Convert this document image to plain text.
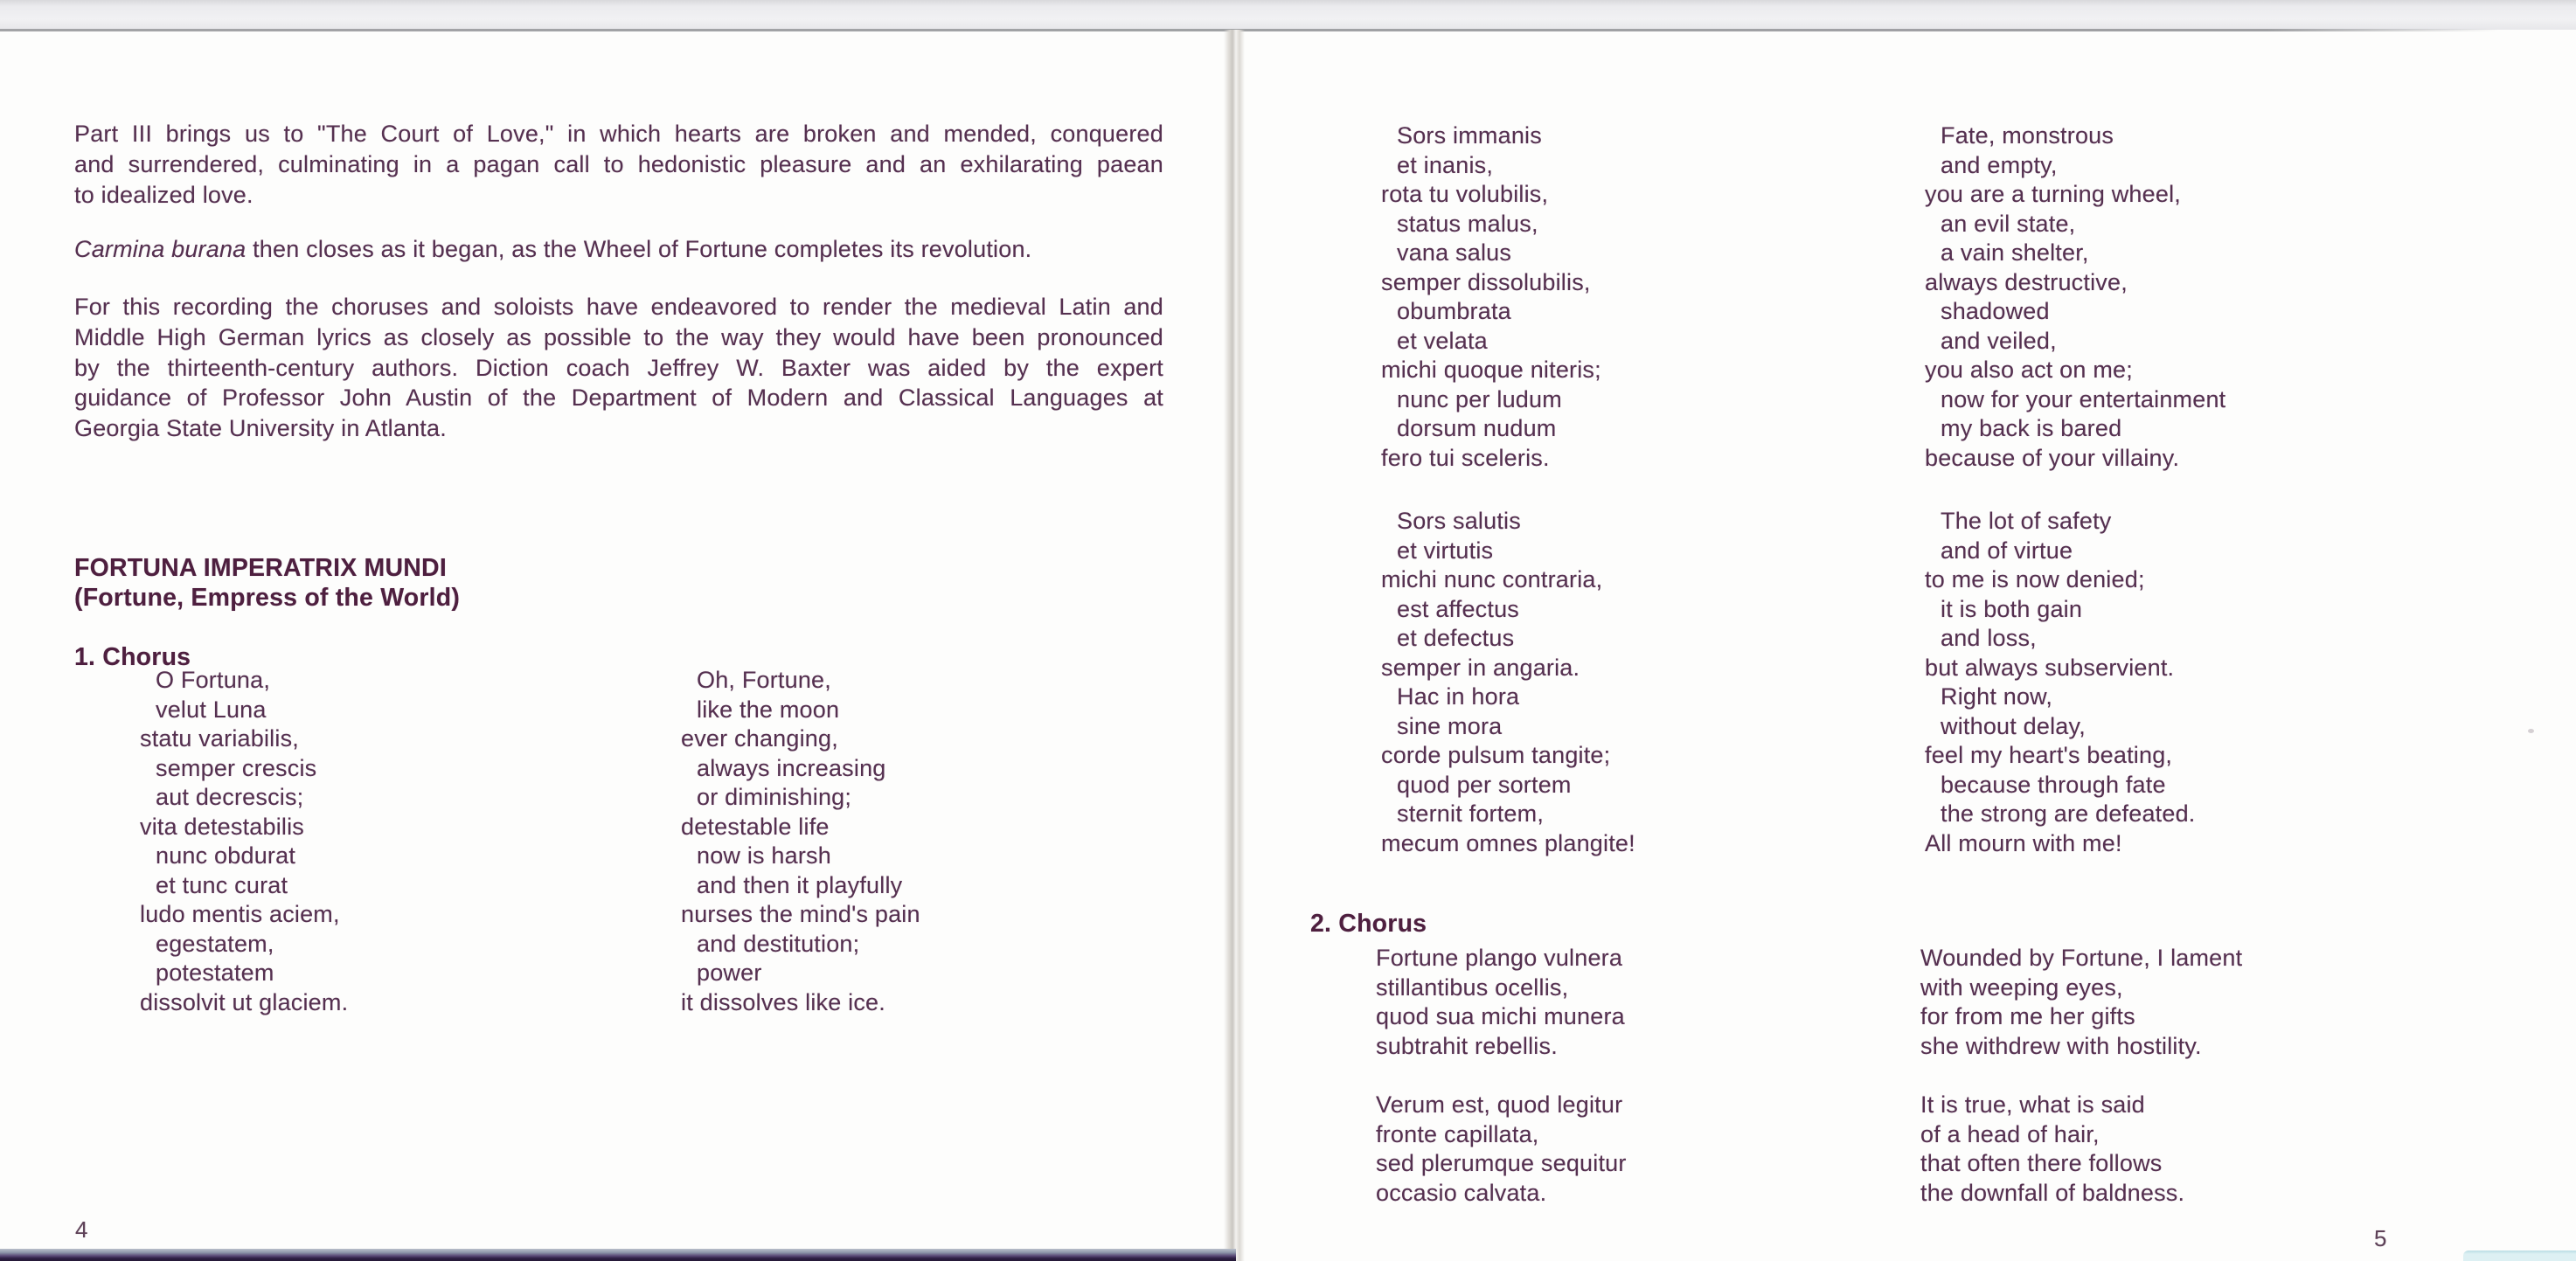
Part III brings us to "The Court of Love," in which hearts are broken and mended, conquered
and surrendered, culminating in a pagan call to hedonistic pleasure and an exhilarating paean
to idealized love.
Carmina burana then closes as it began, as the Wheel of Fortune completes its revolution.
For this recording the choruses and soloists have endeavored to render the medieval Latin and
Middle High German lyrics as closely as possible to the way they would have been pronounced
by the thirteenth-century authors. Diction coach Jeffrey W. Baxter was aided by the expert
guidance of Professor John Austin of the Department of Modern and Classical Languages at
Georgia State University in Atlanta.
FORTUNA IMPERATRIX MUNDI
(Fortune, Empress of the World)
1. Chorus
O Fortuna,
velut Luna
statu variabilis,
semper crescis
aut decrescis;
vita detestabilis
nunc obdurat
et tunc curat
ludo mentis aciem,
egestatem,
potestatem
dissolvit ut glaciem.
Oh, Fortune,
like the moon
ever changing,
always increasing
or diminishing;
detestable life
now is harsh
and then it playfully
nurses the mind's pain
and destitution;
power
it dissolves like ice.
4
Sors immanis
et inanis,
rota tu volubilis,
status malus,
vana salus
semper dissolubilis,
obumbrata
et velata
michi quoque niteris;
nunc per ludum
dorsum nudum
fero tui sceleris.
Fate, monstrous
and empty,
you are a turning wheel,
an evil state,
a vain shelter,
always destructive,
shadowed
and veiled,
you also act on me;
now for your entertainment
my back is bared
because of your villainy.
Sors salutis
et virtutis
michi nunc contraria,
est affectus
et defectus
semper in angaria.
Hac in hora
sine mora
corde pulsum tangite;
quod per sortem
sternit fortem,
mecum omnes plangite!
The lot of safety
and of virtue
to me is now denied;
it is both gain
and loss,
but always subservient.
Right now,
without delay,
feel my heart's beating,
because through fate
the strong are defeated.
All mourn with me!
2. Chorus
Fortune plango vulnera
stillantibus ocellis,
quod sua michi munera
subtrahit rebellis.
Wounded by Fortune, I lament
with weeping eyes,
for from me her gifts
she withdrew with hostility.
Verum est, quod legitur
fronte capillata,
sed plerumque sequitur
occasio calvata.
It is true, what is said
of a head of hair,
that often there follows
the downfall of baldness.
5
